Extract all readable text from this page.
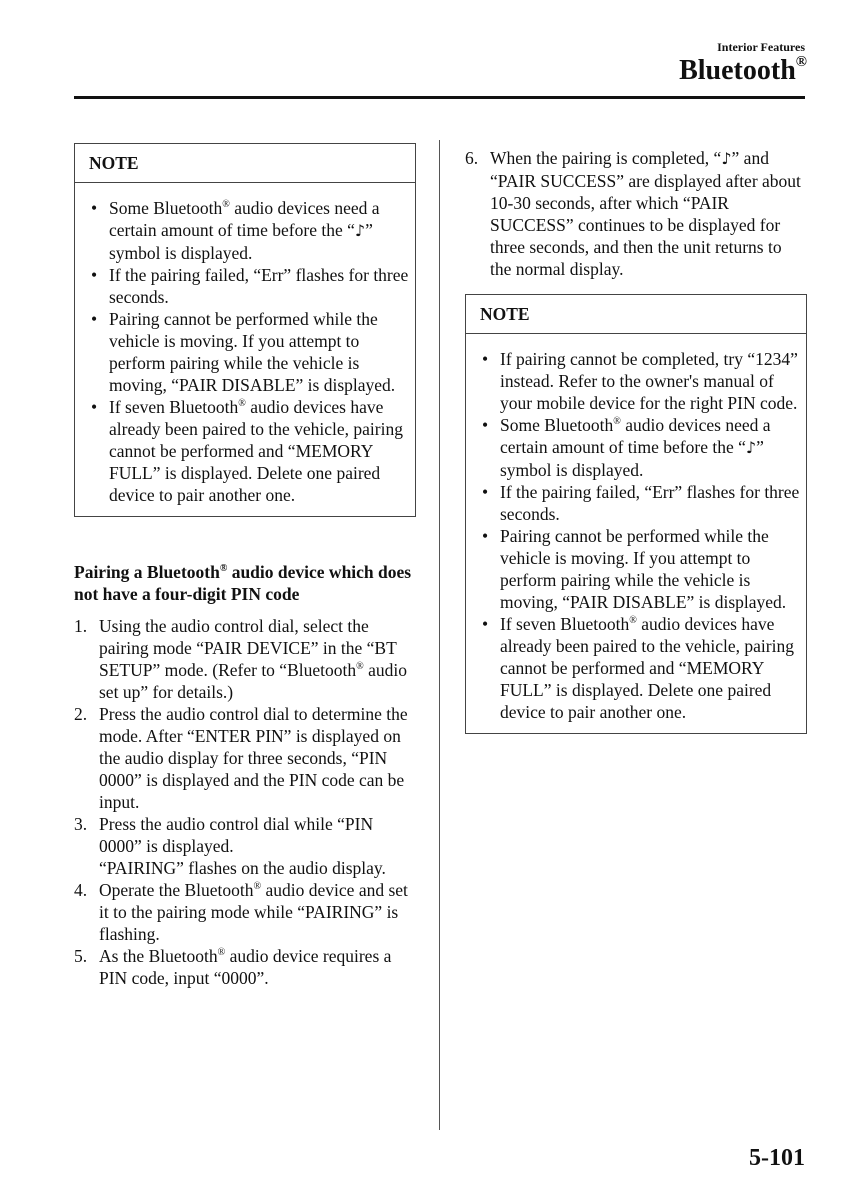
Interior Features
Bluetooth®
NOTE
• Some Bluetooth® audio devices need a certain amount of time before the “♪” symbol is displayed.
• If the pairing failed, “Err” flashes for three seconds.
• Pairing cannot be performed while the vehicle is moving. If you attempt to perform pairing while the vehicle is moving, “PAIR DISABLE” is displayed.
• If seven Bluetooth® audio devices have already been paired to the vehicle, pairing cannot be performed and “MEMORY FULL” is displayed. Delete one paired device to pair another one.
Pairing a Bluetooth® audio device which does not have a four-digit PIN code
1. Using the audio control dial, select the pairing mode “PAIR DEVICE” in the “BT SETUP” mode. (Refer to “Bluetooth® audio set up” for details.)
2. Press the audio control dial to determine the mode. After “ENTER PIN” is displayed on the audio display for three seconds, “PIN 0000” is displayed and the PIN code can be input.
3. Press the audio control dial while “PIN 0000” is displayed.
“PAIRING” flashes on the audio display.
4. Operate the Bluetooth® audio device and set it to the pairing mode while “PAIRING” is flashing.
5. As the Bluetooth® audio device requires a PIN code, input “0000”.
6. When the pairing is completed, “♪” and “PAIR SUCCESS” are displayed after about 10-30 seconds, after which “PAIR SUCCESS” continues to be displayed for three seconds, and then the unit returns to the normal display.
NOTE
• If pairing cannot be completed, try “1234” instead. Refer to the owner's manual of your mobile device for the right PIN code.
• Some Bluetooth® audio devices need a certain amount of time before the “♪” symbol is displayed.
• If the pairing failed, “Err” flashes for three seconds.
• Pairing cannot be performed while the vehicle is moving. If you attempt to perform pairing while the vehicle is moving, “PAIR DISABLE” is displayed.
• If seven Bluetooth® audio devices have already been paired to the vehicle, pairing cannot be performed and “MEMORY FULL” is displayed. Delete one paired device to pair another one.
5-101
